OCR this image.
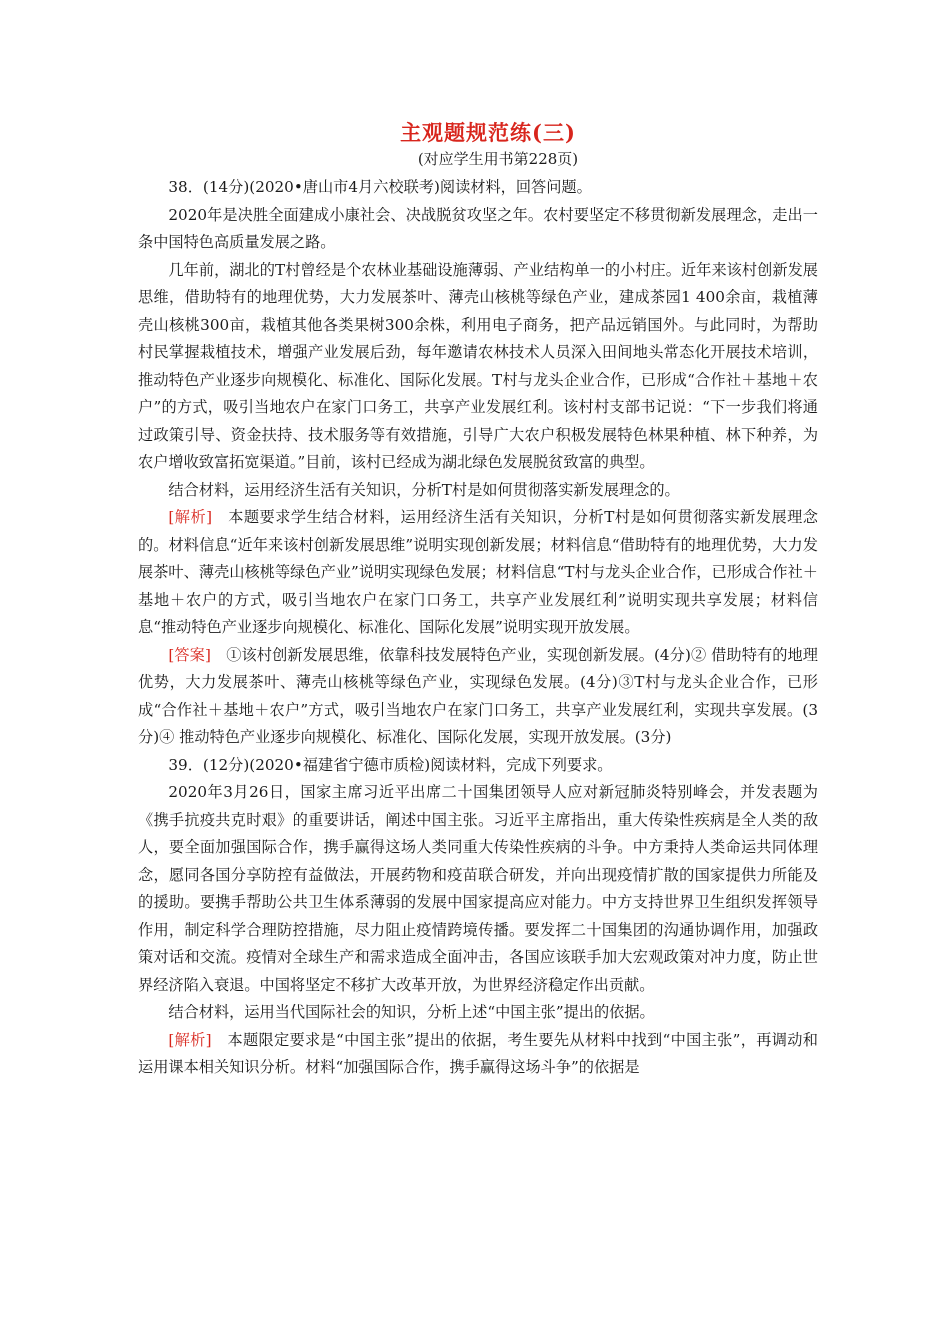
主观题规范练(三)
(对应学生用书第228页)

38．(14分)(2020•唐山市4月六校联考)阅读材料，回答问题。

2020年是决胜全面建成小康社会、决战脱贫攻坚之年。农村要坚定不移贯彻新发展理念，走出一条中国特色高质量发展之路。

几年前，湖北的T村曾经是个农林业基础设施薄弱、产业结构单一的小村庄。近年来该村创新发展思维，借助特有的地理优势，大力发展茶叶、薄壳山核桃等绿色产业，建成茶园1 400余亩，栽植薄壳山核桃300亩，栽植其他各类果树300余株，利用电子商务，把产品远销国外。与此同时，为帮助村民掌握栽植技术，增强产业发展后劲，每年邀请农林技术人员深入田间地头常态化开展技术培训，推动特色产业逐步向规模化、标准化、国际化发展。T村与龙头企业合作，已形成“合作社＋基地＋农户”的方式，吸引当地农户在家门口务工，共享产业发展红利。该村村支部书记说：“下一步我们将通过政策引导、资金扶持、技术服务等有效措施，引导广大农户积极发展特色林果种植、林下种养，为农户增收致富拓宽渠道。”目前，该村已经成为湖北绿色发展脱贫致富的典型。

结合材料，运用经济生活有关知识，分析T村是如何贯彻落实新发展理念的。

[解析]　本题要求学生结合材料，运用经济生活有关知识，分析T村是如何贯彻落实新发展理念的。材料信息“近年来该村创新发展思维”说明实现创新发展；材料信息“借助特有的地理优势，大力发展茶叶、薄壳山核桃等绿色产业”说明实现绿色发展；材料信息“T村与龙头企业合作，已形成合作社＋基地＋农户的方式，吸引当地农户在家门口务工，共享产业发展红利”说明实现共享发展；材料信息“推动特色产业逐步向规模化、标准化、国际化发展”说明实现开放发展。

[答案]　①该村创新发展思维，依靠科技发展特色产业，实现创新发展。(4分)② 借助特有的地理优势，大力发展茶叶、薄壳山核桃等绿色产业，实现绿色发展。(4分)③T村与龙头企业合作，已形成“合作社＋基地＋农户”方式，吸引当地农户在家门口务工，共享产业发展红利，实现共享发展。(3分)④ 推动特色产业逐步向规模化、标准化、国际化发展，实现开放发展。(3分)

39．(12分)(2020•福建省宁德市质检)阅读材料，完成下列要求。

2020年3月26日，国家主席习近平出席二十国集团领导人应对新冠肺炎特别峰会，并发表题为《携手抗疫共克时艰》的重要讲话，阐述中国主张。习近平主席指出，重大传染性疾病是全人类的敌人，要全面加强国际合作，携手赢得这场人类同重大传染性疾病的斗争。中方秉持人类命运共同体理念，愿同各国分享防控有益做法，开展药物和疫苗联合研发，并向出现疫情扩散的国家提供力所能及的援助。要携手帮助公共卫生体系薄弱的发展中国家提高应对能力。中方支持世界卫生组织发挥领导作用，制定科学合理防控措施，尽力阻止疫情跨境传播。要发挥二十国集团的沟通协调作用，加强政策对话和交流。疫情对全球生产和需求造成全面冲击，各国应该联手加大宏观政策对冲力度，防止世界经济陷入衰退。中国将坚定不移扩大改革开放，为世界经济稳定作出贡献。

结合材料，运用当代国际社会的知识，分析上述“中国主张”提出的依据。

[解析]　本题限定要求是“中国主张”提出的依据，考生要先从材料中找到“中国主张”，再调动和运用课本相关知识分析。材料“加强国际合作，携手赢得这场斗争”的依据是
